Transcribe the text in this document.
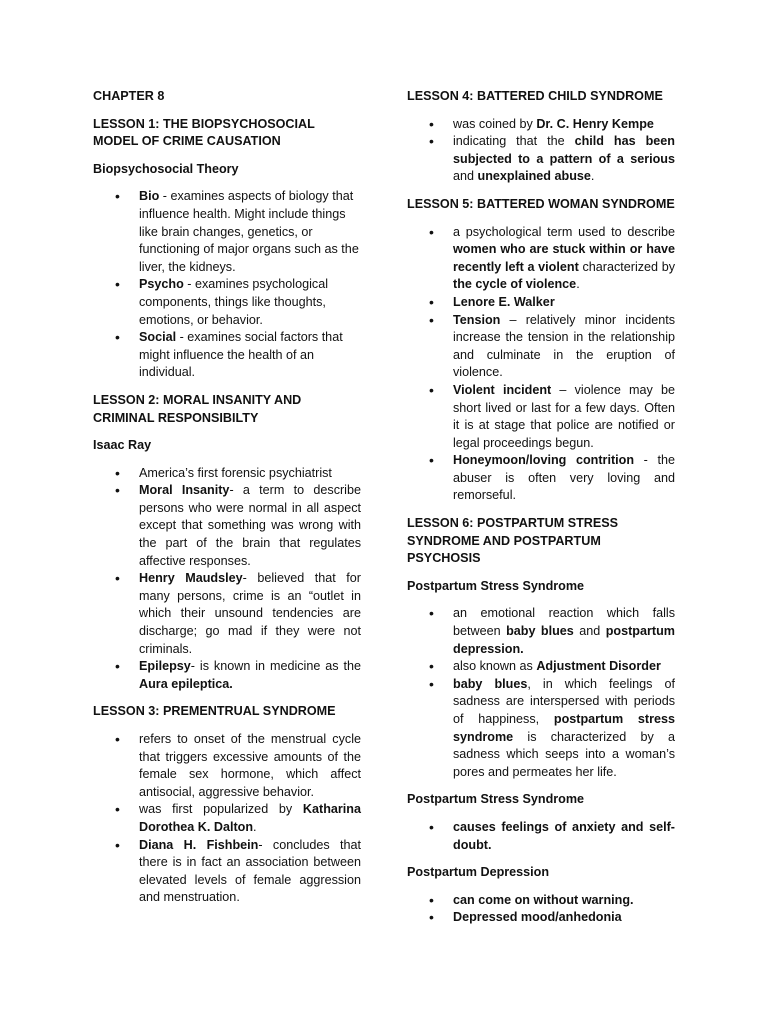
CHAPTER 8

LESSON 1: THE BIOPSYCHOSOCIAL MODEL OF CRIME CAUSATION

Biopsychosocial Theory

• Bio - examines aspects of biology that influence health. Might include things like brain changes, genetics, or functioning of major organs such as the liver, the kidneys.
• Psycho - examines psychological components, things like thoughts, emotions, or behavior.
• Social - examines social factors that might influence the health of an individual.

LESSON 2: MORAL INSANITY AND CRIMINAL RESPONSIBILTY

Isaac Ray

• America’s first forensic psychiatrist
• Moral Insanity- a term to describe persons who were normal in all aspect except that something was wrong with the part of the brain that regulates affective responses.
• Henry Maudsley- believed that for many persons, crime is an “outlet in which their unsound tendencies are discharge; go mad if they were not criminals.
• Epilepsy- is known in medicine as the Aura epileptica.

LESSON 3: PREMENTRUAL SYNDROME

• refers to onset of the menstrual cycle that triggers excessive amounts of the female sex hormone, which affect antisocial, aggressive behavior.
• was first popularized by Katharina Dorothea K. Dalton.
• Diana H. Fishbein- concludes that there is in fact an association between elevated levels of female aggression and menstruation.

LESSON 4: BATTERED CHILD SYNDROME

• was coined by Dr. C. Henry Kempe
• indicating that the child has been subjected to a pattern of a serious and unexplained abuse.

LESSON 5: BATTERED WOMAN SYNDROME

• a psychological term used to describe women who are stuck within or have recently left a violent characterized by the cycle of violence.
• Lenore E. Walker
• Tension – relatively minor incidents increase the tension in the relationship and culminate in the eruption of violence.
• Violent incident – violence may be short lived or last for a few days. Often it is at stage that police are notified or legal proceedings begun.
• Honeymoon/loving contrition - the abuser is often very loving and remorseful.

LESSON 6: POSTPARTUM STRESS SYNDROME AND POSTPARTUM PSYCHOSIS

Postpartum Stress Syndrome

• an emotional reaction which falls between baby blues and postpartum depression.
• also known as Adjustment Disorder
• baby blues, in which feelings of sadness are interspersed with periods of happiness, postpartum stress syndrome is characterized by a sadness which seeps into a woman’s pores and permeates her life.

Postpartum Stress Syndrome

• causes feelings of anxiety and self-doubt.

Postpartum Depression

• can come on without warning.
• Depressed mood/anhedonia
